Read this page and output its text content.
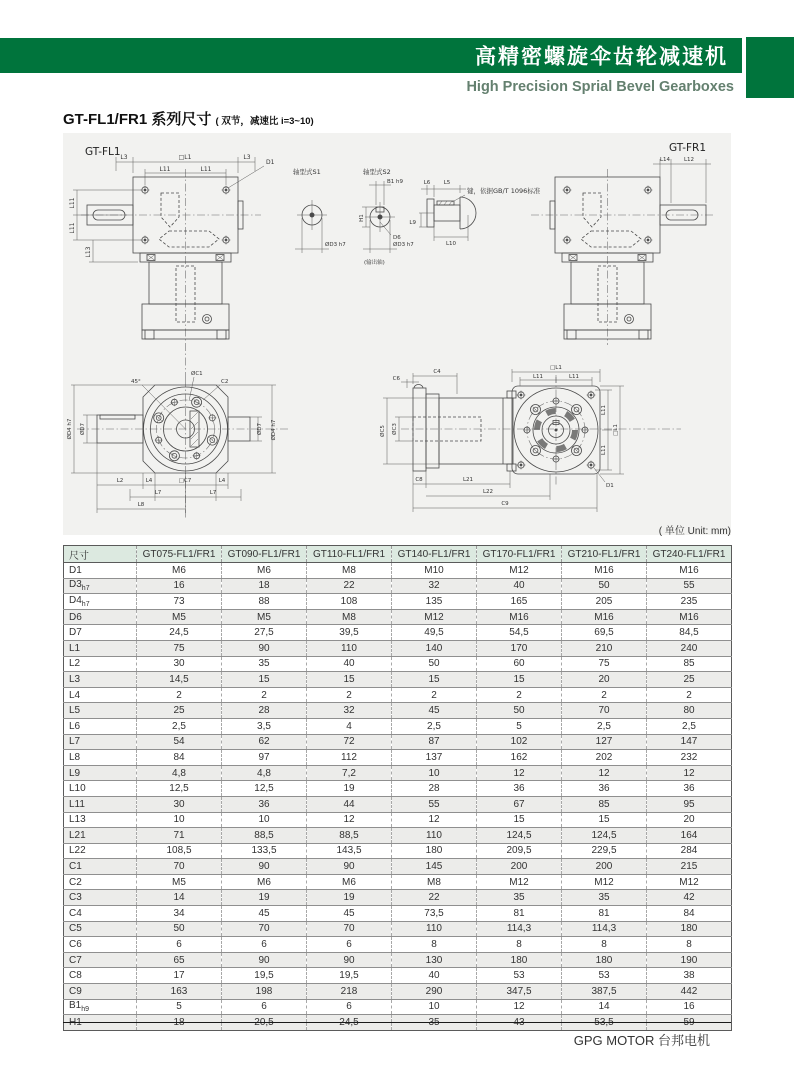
高精密螺旋伞齿轮减速机
High Precision Sprial Bevel Gearboxes
GT-FL1/FR1 系列尺寸 ( 双节，减速比 i=3~10)
GT-FL1	GT-FR1
L3	□L1	L3
D1
L11	L11
L11
L11
L13
轴型式S1
ØD3 h7
轴型式S2
B1 h9
H1
D6
ØD3 h7
(输出轴)
L6 L5
键，依据GB/T 1096标准
L9
L10
L14	L12
45°
ØC1
C2
ØD7
ØD4 h7	ØD7 ØD4 h7
L2	L4	□C7	L4
L7	L7
L8
ØC5 ØC3
C6
C4
C8	L21
L22
C9
□L1
L11	L11
L11
L11
□L1
D1
( 单位 Unit: mm)
尺寸	GT075-FL1/FR1	GT090-FL1/FR1	GT110-FL1/FR1	GT140-FL1/FR1	GT170-FL1/FR1	GT210-FL1/FR1	GT240-FL1/FR1
D1	M6	M6	M8	M10	M12	M16	M16
$D3_{h7}$	16	18	22	32	40	50	55
$D4_{h7}$	73	88	108	135	165	205	235
D6	M5	M5	M8	M12	M16	M16	M16
D7	24,5	27,5	39,5	49,5	54,5	69,5	84,5
L1	75	90	110	140	170	210	240
L2	30	35	40	50	60	75	85
L3	14,5	15	15	15	15	20	25
L4	2	2	2	2	2	2	2
L5	25	28	32	45	50	70	80
L6	2,5	3,5	4	2,5	5	2,5	2,5
L7	54	62	72	87	102	127	147
L8	84	97	112	137	162	202	232
L9	4,8	4,8	7,2	10	12	12	12
L10	12,5	12,5	19	28	36	36	36
L11	30	36	44	55	67	85	95
L13	10	10	12	12	15	15	20
L21	71	88,5	88,5	110	124,5	124,5	164
L22	108,5	133,5	143,5	180	209,5	229,5	284
C1	70	90	90	145	200	200	215
C2	M5	M6	M6	M8	M12	M12	M12
C3	14	19	19	22	35	35	42
C4	34	45	45	73,5	81	81	84
C5	50	70	70	110	114,3	114,3	180
C6	6	6	6	8	8	8	8
C7	65	90	90	130	180	180	190
C8	17	19,5	19,5	40	53	53	38
C9	163	198	218	290	347,5	387,5	442
$B1_{h9}$	5	6	6	10	12	14	16
H1	18	20,5	24,5	35	43	53,5	59
GPG MOTOR 台邦电机
